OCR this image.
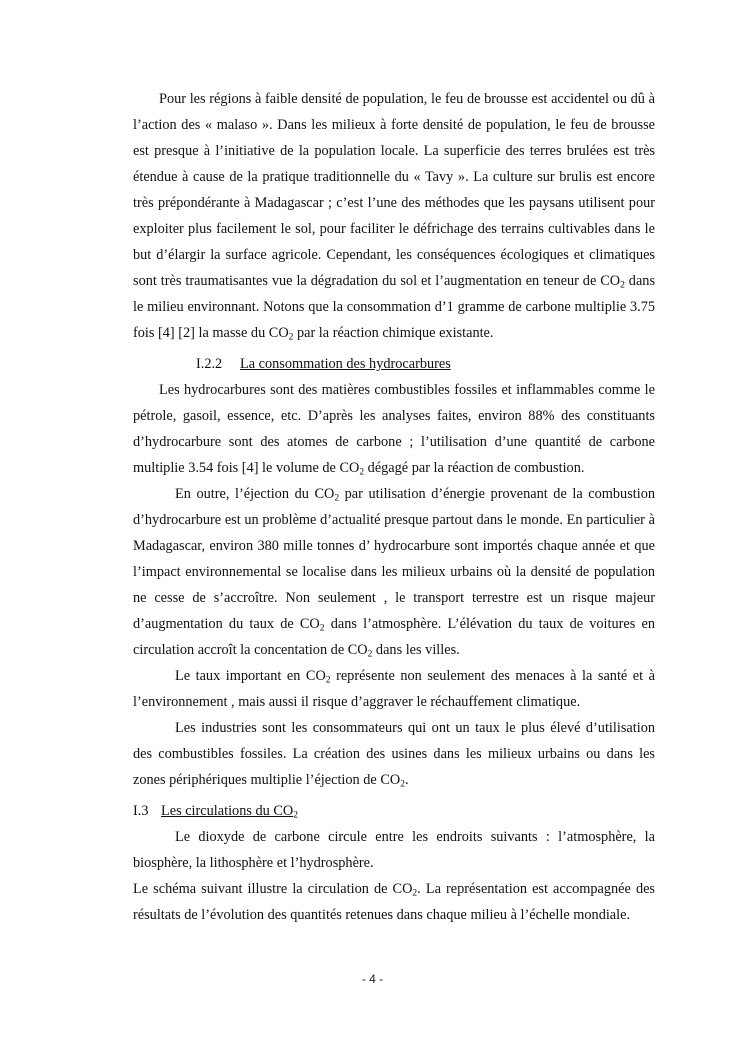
Pour les régions à faible densité de population, le feu de brousse est accidentel ou dû à l’action des « malaso ». Dans les milieux à forte densité de population, le feu de brousse est presque à l’initiative de la population locale. La superficie des terres brulées est très étendue à cause de la pratique traditionnelle du « Tavy ». La culture sur brulis est encore très prépondérante à Madagascar ; c’est l’une des méthodes que les paysans utilisent pour exploiter plus facilement le sol, pour faciliter le défrichage des terrains cultivables dans le but d’élargir la surface agricole. Cependant, les conséquences écologiques et climatiques sont très traumatisantes vue la dégradation du sol et l’augmentation en teneur de $CO_2$ dans le milieu environnant. Notons que la consommation d’1 gramme de carbone multiplie 3.75 fois [4] [2] la masse du $CO_2$ par la réaction chimique existante.

I.2.2 La consommation des hydrocarbures

Les hydrocarbures sont des matières combustibles fossiles et inflammables comme le pétrole, gasoil, essence, etc. D’après les analyses faites, environ 88% des constituants d’hydrocarbure sont des atomes de carbone ; l’utilisation d’une quantité de carbone multiplie 3.54 fois [4] le volume de $CO_2$ dégagé par la réaction de combustion.

En outre, l’éjection du $CO_2$ par utilisation d’énergie provenant de la combustion d’hydrocarbure est un problème d’actualité presque partout dans le monde. En particulier à Madagascar, environ 380 mille tonnes d’ hydrocarbure sont importés chaque année et que l’impact environnemental se localise dans les milieux urbains où la densité de population ne cesse de s’accroître. Non seulement , le transport terrestre est un risque majeur d’augmentation du taux de $CO_2$ dans l’atmosphère. L’élévation du taux de voitures en circulation accroît la concentation de $CO_2$ dans les villes.

Le taux important en $CO_2$ représente non seulement des menaces à la santé et à l’environnement , mais aussi il risque d’aggraver le réchauffement climatique.

Les industries sont les consommateurs qui ont un taux le plus élevé d’utilisation des combustibles fossiles. La création des usines dans les milieux urbains ou dans les zones périphériques multiplie l’éjection de $CO_2$.

I.3 Les circulations du $CO_2$

Le dioxyde de carbone circule entre les endroits suivants : l’atmosphère, la biosphère, la lithosphère et l’hydrosphère.

Le schéma suivant illustre la circulation de $CO_2$. La représentation est accompagnée des résultats de l’évolution des quantités retenues dans chaque milieu à l’échelle mondiale.

- 4 -
